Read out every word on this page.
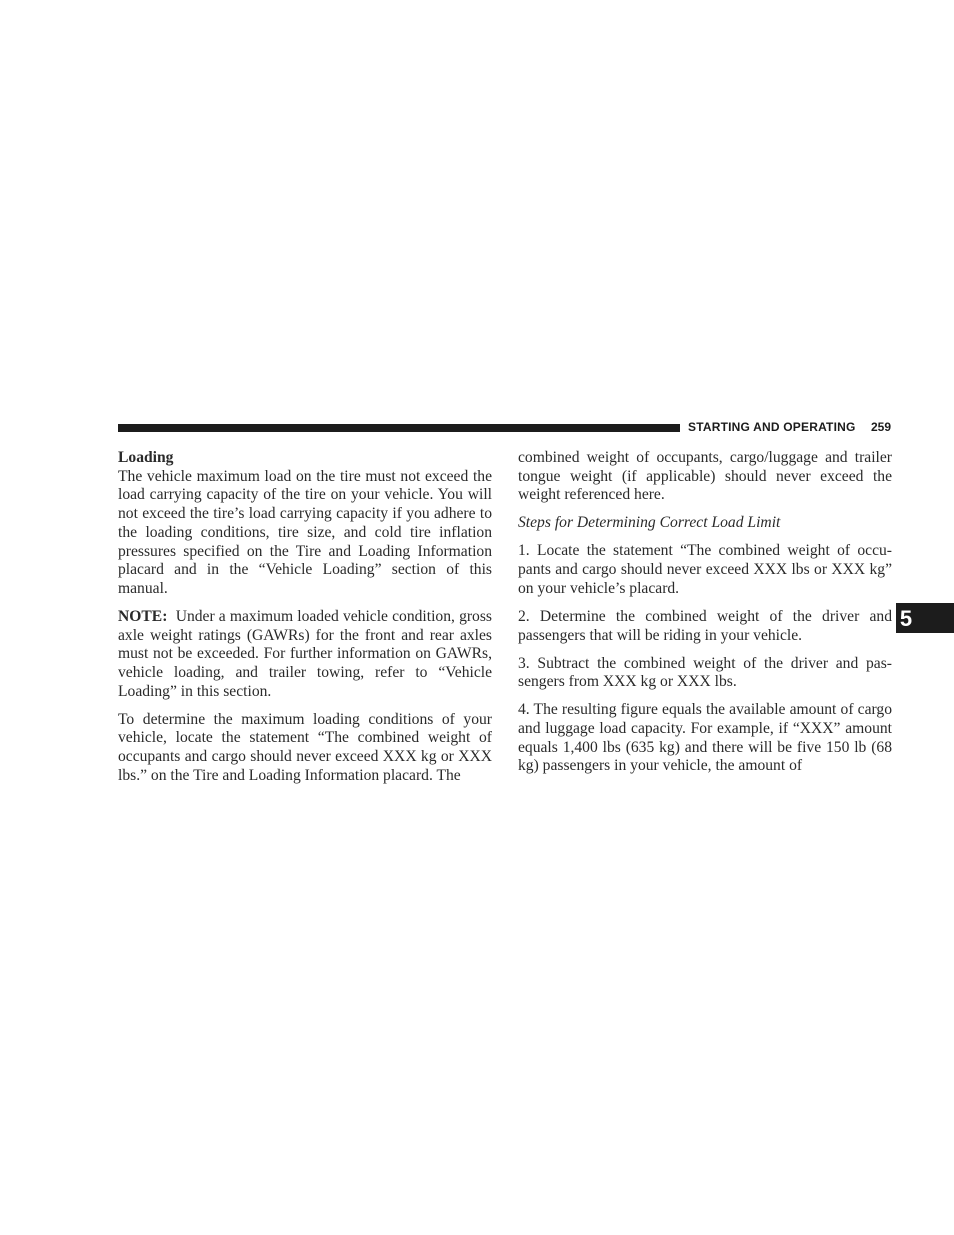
STARTING AND OPERATING 259
5

Loading

The vehicle maximum load on the tire must not exceed the load carrying capacity of the tire on your vehicle. You will not exceed the tire’s load carrying capacity if you adhere to the loading conditions, tire size, and cold tire inflation pressures specified on the Tire and Loading Information placard and in the “Vehicle Loading” section of this manual.

NOTE: Under a maximum loaded vehicle condition, gross axle weight ratings (GAWRs) for the front and rear axles must not be exceeded. For further information on GAWRs, vehicle loading, and trailer towing, refer to “Vehicle Loading” in this section.

To determine the maximum loading conditions of your vehicle, locate the statement “The combined weight of occupants and cargo should never exceed XXX kg or XXX lbs.” on the Tire and Loading Information placard. The

combined weight of occupants, cargo/luggage and trailer tongue weight (if applicable) should never exceed the weight referenced here.

Steps for Determining Correct Load Limit

1. Locate the statement “The combined weight of occupants and cargo should never exceed XXX lbs or XXX kg” on your vehicle’s placard.

2. Determine the combined weight of the driver and passengers that will be riding in your vehicle.

3. Subtract the combined weight of the driver and passengers from XXX kg or XXX lbs.

4. The resulting figure equals the available amount of cargo and luggage load capacity. For example, if “XXX” amount equals 1,400 lbs (635 kg) and there will be five 150 lb (68 kg) passengers in your vehicle, the amount of
